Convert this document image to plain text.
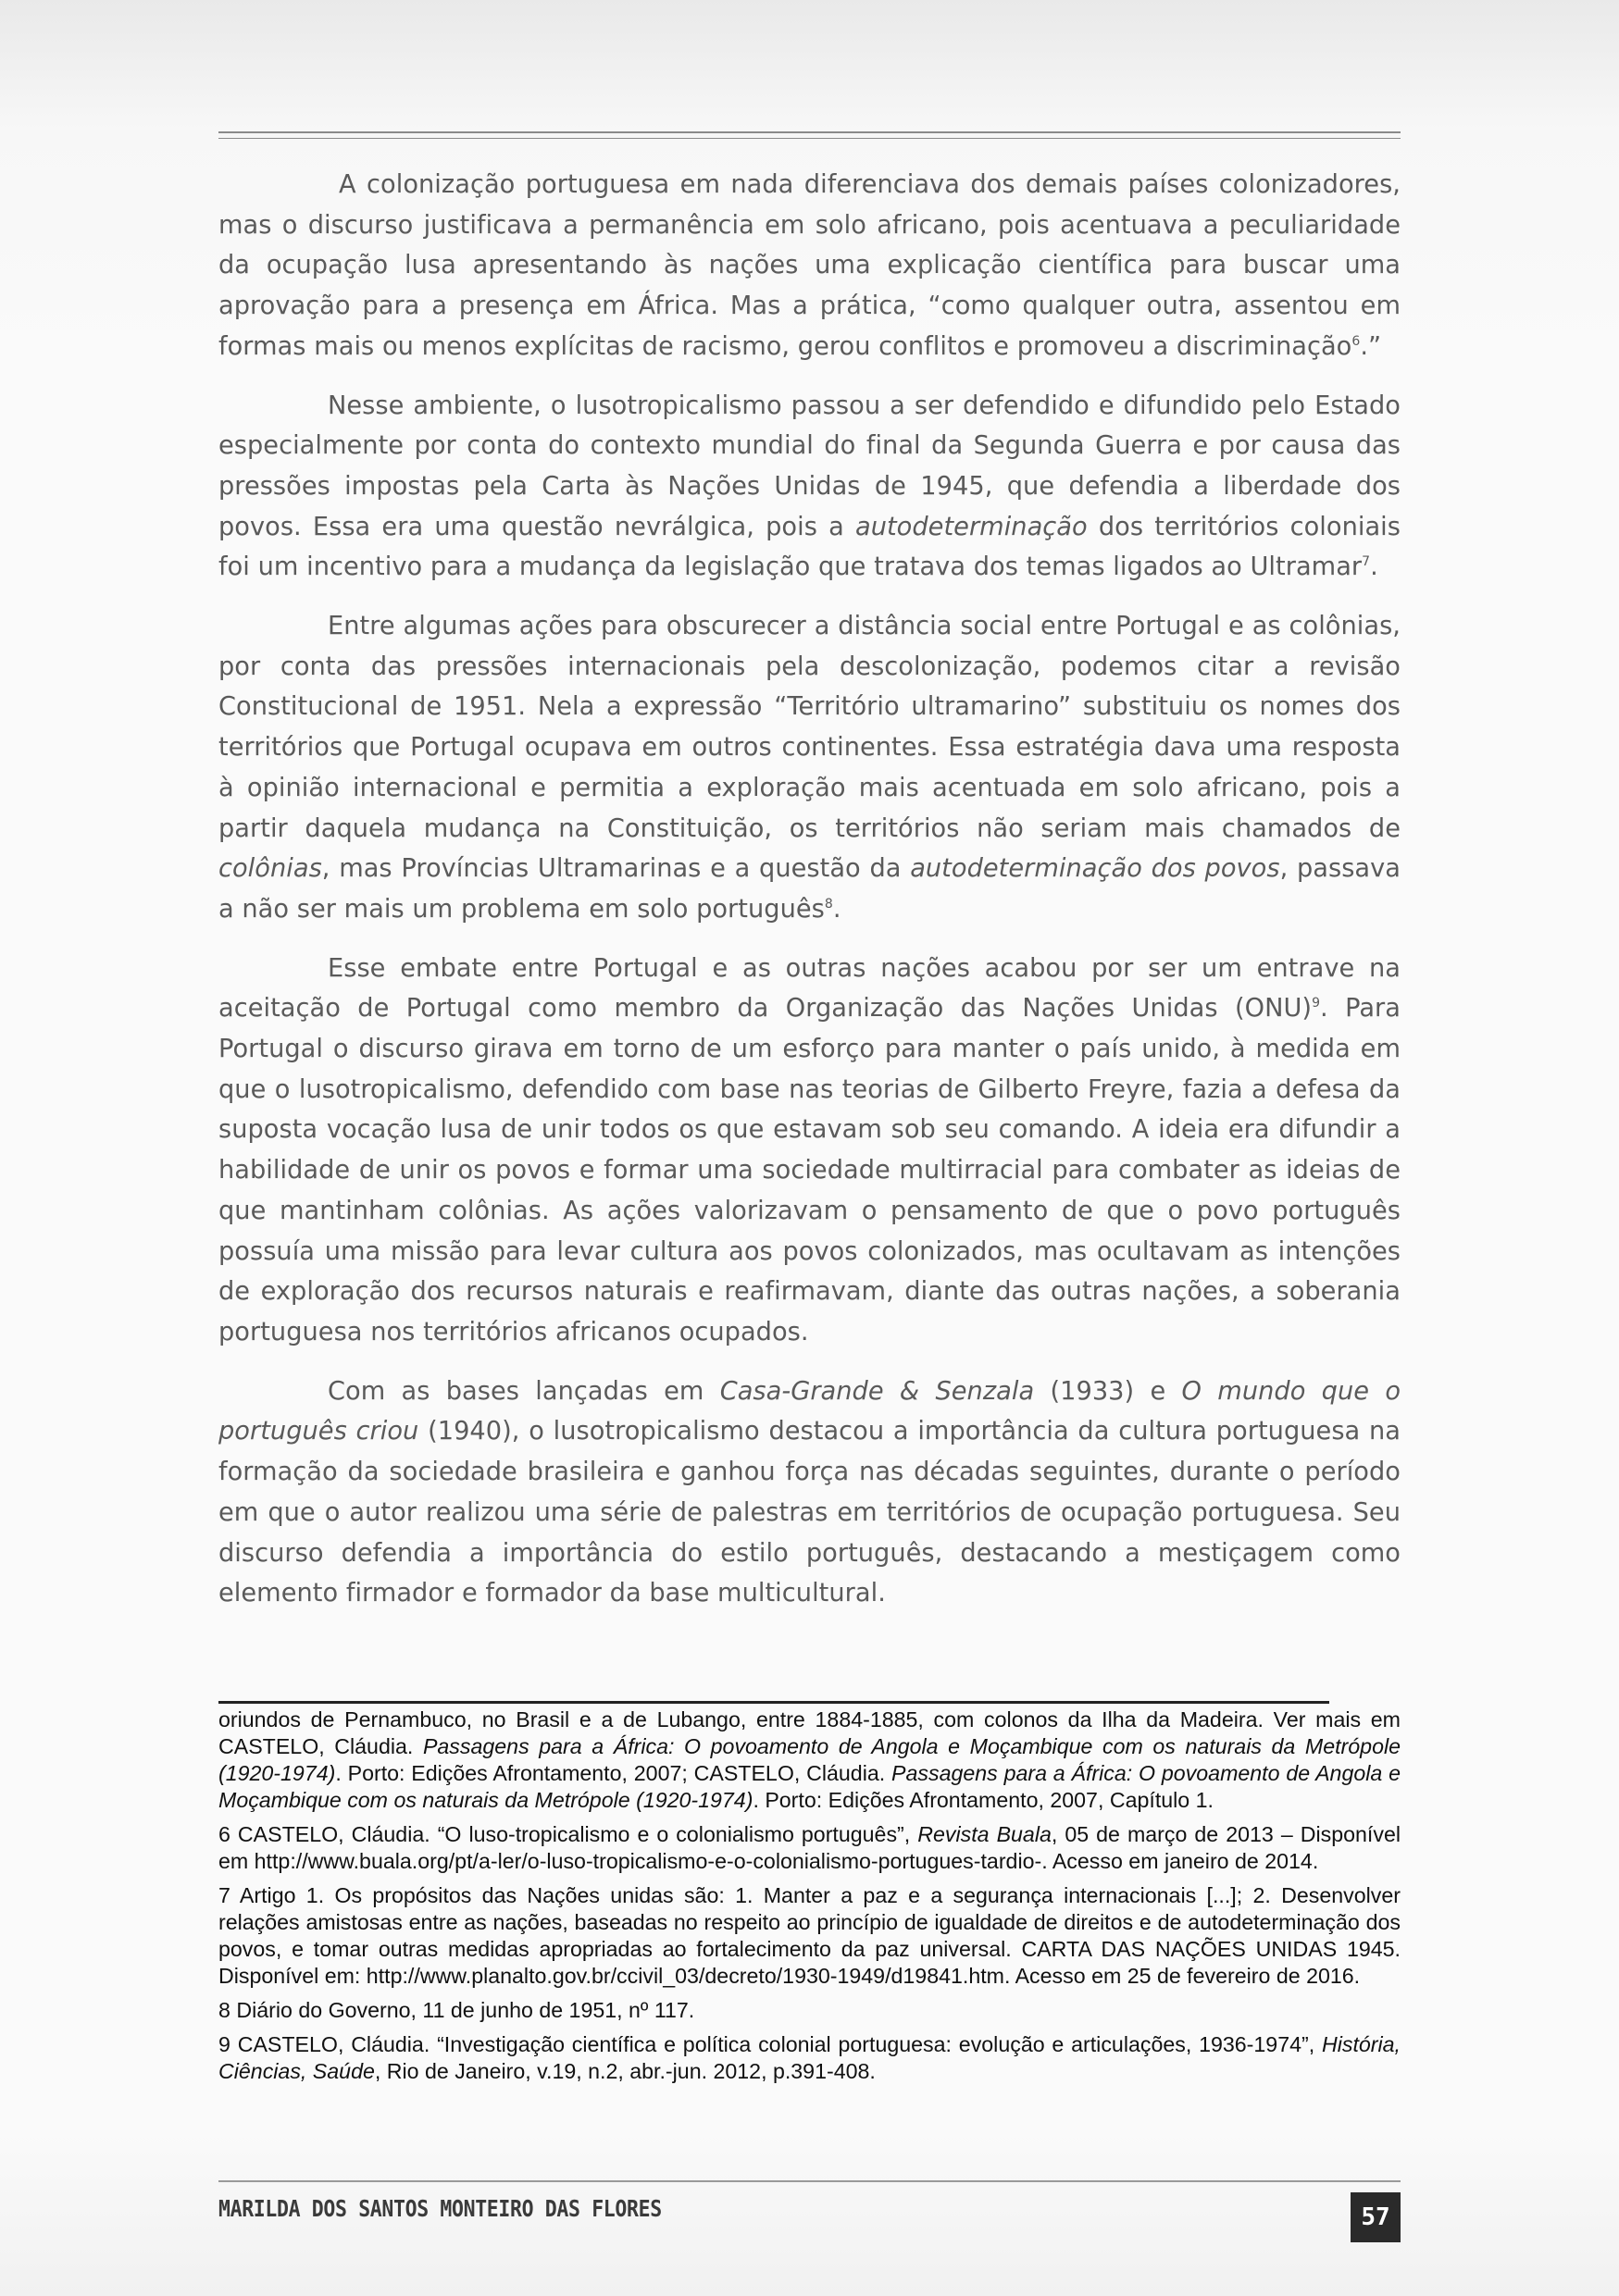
A colonização portuguesa em nada diferenciava dos demais países colonizadores, mas o discurso justificava a permanência em solo africano, pois acentuava a peculiaridade da ocupação lusa apresentando às nações uma explicação científica para buscar uma aprovação para a presença em África. Mas a prática, “como qualquer outra, assentou em formas mais ou menos explícitas de racismo, gerou conflitos e promoveu a discriminação$^6$.”

Nesse ambiente, o lusotropicalismo passou a ser defendido e difundido pelo Estado especialmente por conta do contexto mundial do final da Segunda Guerra e por causa das pressões impostas pela Carta às Nações Unidas de 1945, que defendia a liberdade dos povos. Essa era uma questão nevrálgica, pois a autodeterminação dos territórios coloniais foi um incentivo para a mudança da legislação que tratava dos temas ligados ao Ultramar$^7$.

Entre algumas ações para obscurecer a distância social entre Portugal e as colônias, por conta das pressões internacionais pela descolonização, podemos citar a revisão Constitucional de 1951. Nela a expressão “Território ultramarino” substituiu os nomes dos territórios que Portugal ocupava em outros continentes. Essa estratégia dava uma resposta à opinião internacional e permitia a exploração mais acentuada em solo africano, pois a partir daquela mudança na Constituição, os territórios não seriam mais chamados de colônias, mas Províncias Ultramarinas e a questão da autodeterminação dos povos, passava a não ser mais um problema em solo português$^8$.

Esse embate entre Portugal e as outras nações acabou por ser um entrave na aceitação de Portugal como membro da Organização das Nações Unidas (ONU)$^9$. Para Portugal o discurso girava em torno de um esforço para manter o país unido, à medida em que o lusotropicalismo, defendido com base nas teorias de Gilberto Freyre, fazia a defesa da suposta vocação lusa de unir todos os que estavam sob seu comando. A ideia era difundir a habilidade de unir os povos e formar uma sociedade multirracial para combater as ideias de que mantinham colônias. As ações valorizavam o pensamento de que o povo português possuía uma missão para levar cultura aos povos colonizados, mas ocultavam as intenções de exploração dos recursos naturais e reafirmavam, diante das outras nações, a soberania portuguesa nos territórios africanos ocupados.

Com as bases lançadas em Casa-Grande & Senzala (1933) e O mundo que o português criou (1940), o lusotropicalismo destacou a importância da cultura portuguesa na formação da sociedade brasileira e ganhou força nas décadas seguintes, durante o período em que o autor realizou uma série de palestras em territórios de ocupação portuguesa. Seu discurso defendia a importância do estilo português, destacando a mestiçagem como elemento firmador e formador da base multicultural.

oriundos de Pernambuco, no Brasil e a de Lubango, entre 1884-1885, com colonos da Ilha da Madeira. Ver mais em CASTELO, Cláudia. Passagens para a África: O povoamento de Angola e Moçambique com os naturais da Metrópole (1920-1974). Porto: Edições Afrontamento, 2007; CASTELO, Cláudia. Passagens para a África: O povoamento de Angola e Moçambique com os naturais da Metrópole (1920-1974). Porto: Edições Afrontamento, 2007, Capítulo 1.
6 CASTELO, Cláudia. “O luso-tropicalismo e o colonialismo português”, Revista Buala, 05 de março de 2013 – Disponível em http://www.buala.org/pt/a-ler/o-luso-tropicalismo-e-o-colonialismo-portugues-tardio-. Acesso em janeiro de 2014.
7 Artigo 1. Os propósitos das Nações unidas são: 1. Manter a paz e a segurança internacionais [...]; 2. Desenvolver relações amistosas entre as nações, baseadas no respeito ao princípio de igualdade de direitos e de autodeterminação dos povos, e tomar outras medidas apropriadas ao fortalecimento da paz universal. CARTA DAS NAÇÕES UNIDAS 1945. Disponível em: http://www.planalto.gov.br/ccivil_03/decreto/1930-1949/d19841.htm. Acesso em 25 de fevereiro de 2016.
8 Diário do Governo, 11 de junho de 1951, nº 117.
9 CASTELO, Cláudia. “Investigação científica e política colonial portuguesa: evolução e articulações, 1936-1974”, História, Ciências, Saúde, Rio de Janeiro, v.19, n.2, abr.-jun. 2012, p.391-408.
MARILDA DOS SANTOS MONTEIRO DAS FLORES	57
